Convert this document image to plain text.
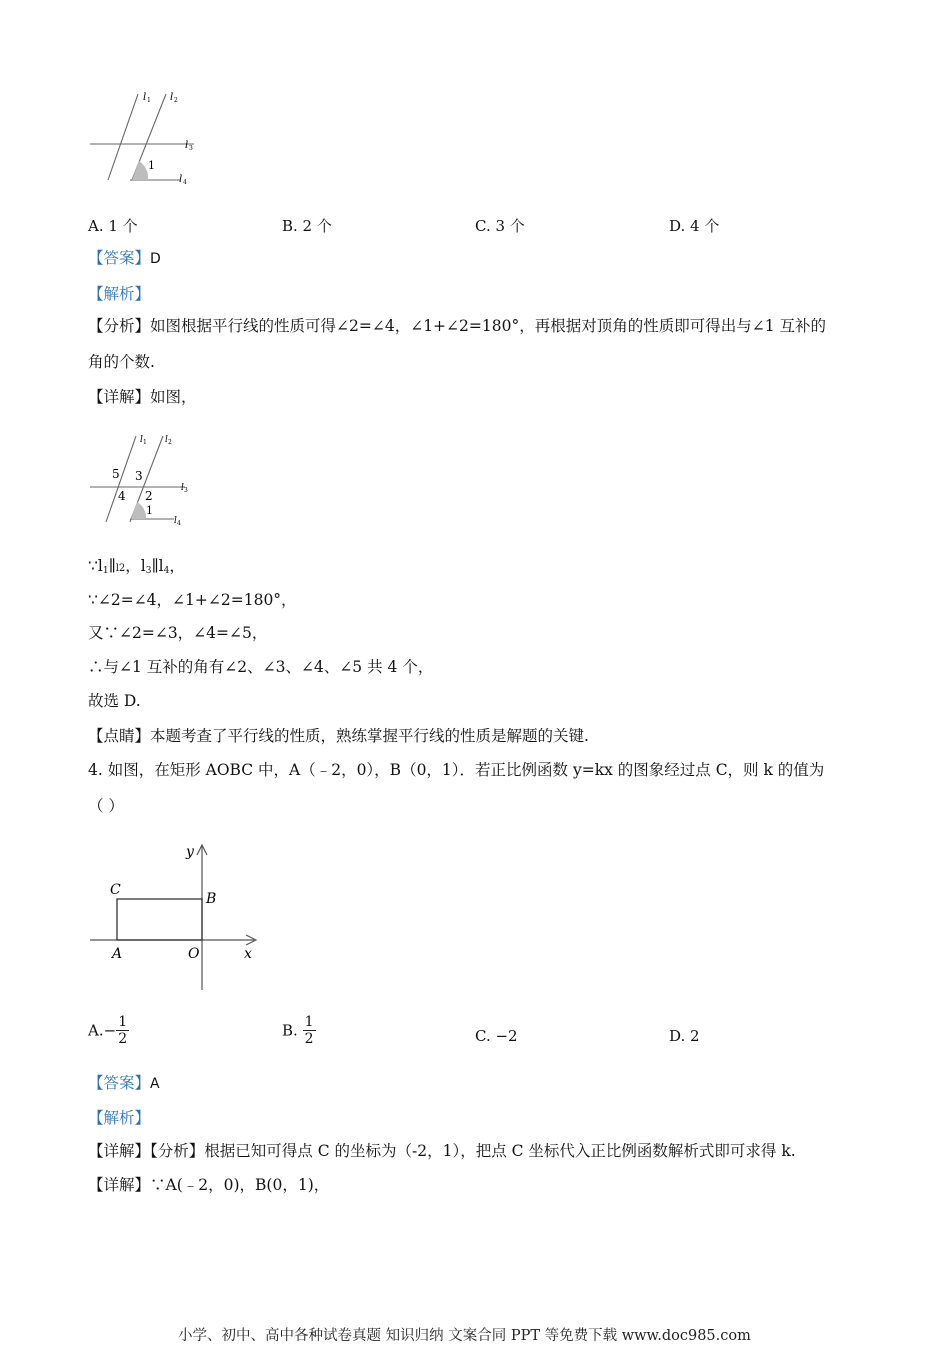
l 1 l 2
l 3
l 4
1
A. 1 个	B. 2 个	C. 3 个	D. 4 个
【答案】D
【解析】
【分析】如图根据平行线的性质可得∠2=∠4，∠1+∠2=180°，再根据对顶角的性质即可得出与∠1 互补的
角的个数.
【详解】如图，
5 3
4 2
1
l 1 l 2
l 3
l 4
$\because l_1\parallel l2$，$l_3\parallel l_4$，
∵∠2=∠4，∠1+∠2=180°，
又∵∠2=∠3，∠4=∠5，
∴与∠1 互补的角有∠2、∠3、∠4、∠5 共 4 个，
故选 D.
【点睛】本题考查了平行线的性质，熟练掌握平行线的性质是解题的关键.
4. 如图，在矩形 AOBC 中，A（﹣2，0），B（0，1）．若正比例函数 y=kx 的图象经过点 C，则 k 的值为
（ ）
y
x
C
B
A	O
$A.- \frac{1}{2}$	B. $\frac{1}{2}$	C. −2	D. 2
【答案】A
【解析】
【详解】【分析】根据已知可得点 C 的坐标为（-2，1），把点 C 坐标代入正比例函数解析式即可求得 k.
【详解】∵A(﹣2，0)，B(0，1)，
小学、初中、高中各种试卷真题 知识归纳 文案合同 PPT 等免费下载 www.doc985.com
